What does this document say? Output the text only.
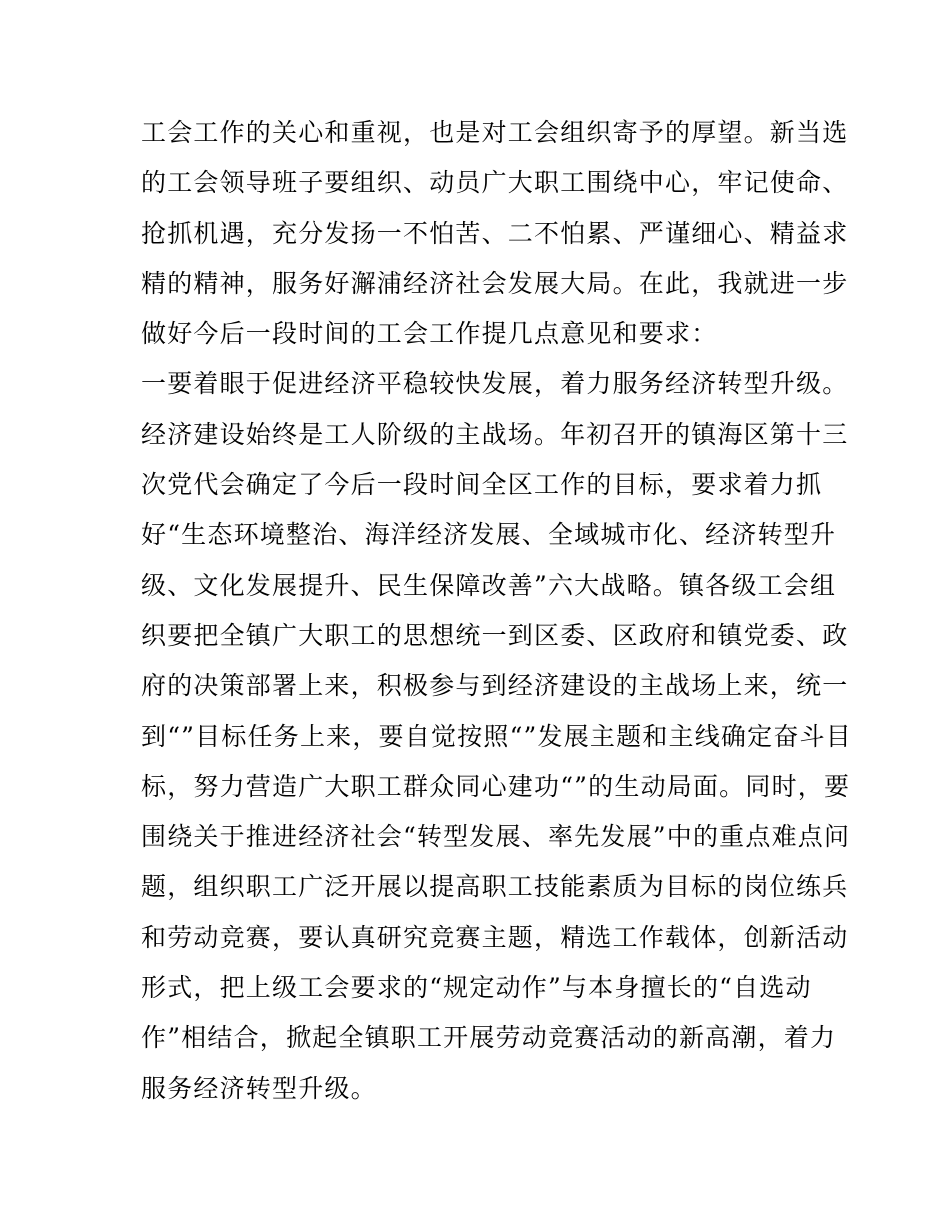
工会工作的关心和重视，也是对工会组织寄予的厚望。新当选
的工会领导班子要组织、动员广大职工围绕中心，牢记使命、
抢抓机遇，充分发扬一不怕苦、二不怕累、严谨细心、精益求
精的精神，服务好澥浦经济社会发展大局。在此，我就进一步
做好今后一段时间的工会工作提几点意见和要求：
一要着眼于促进经济平稳较快发展，着力服务经济转型升级。
经济建设始终是工人阶级的主战场。年初召开的镇海区第十三
次党代会确定了今后一段时间全区工作的目标，要求着力抓
好“生态环境整治、海洋经济发展、全域城市化、经济转型升
级、文化发展提升、民生保障改善”六大战略。镇各级工会组
织要把全镇广大职工的思想统一到区委、区政府和镇党委、政
府的决策部署上来，积极参与到经济建设的主战场上来，统一
到“”目标任务上来，要自觉按照“”发展主题和主线确定奋斗目
标，努力营造广大职工群众同心建功“”的生动局面。同时，要
围绕关于推进经济社会“转型发展、率先发展”中的重点难点问
题，组织职工广泛开展以提高职工技能素质为目标的岗位练兵
和劳动竞赛，要认真研究竞赛主题，精选工作载体，创新活动
形式，把上级工会要求的“规定动作”与本身擅长的“自选动
作”相结合，掀起全镇职工开展劳动竞赛活动的新高潮，着力
服务经济转型升级。
